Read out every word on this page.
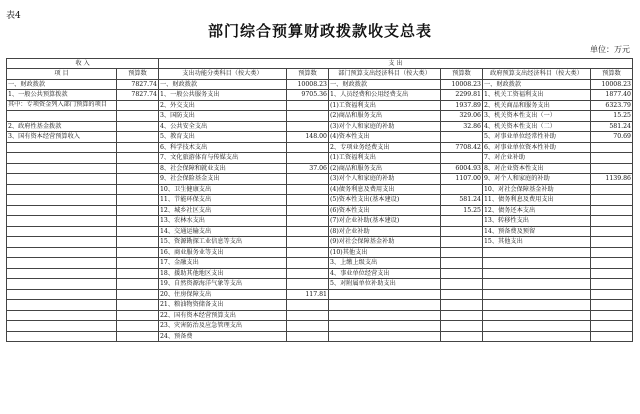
表4
部门综合预算财政拨款收支总表
单位：万元
收 入		支 出					
项 目	预算数	支出功能分类科目（按大类）	预算数	部门预算支出经济科目（按大类）	预算数	政府预算支出经济科目（按大类）	预算数
一、财政拨款	7827.74	一、财政拨款	10008.23	一、财政拨款	10008.23	一、财政拨款	10008.23
1、一般公共预算拨款	7827.74	1、一般公共服务支出	9705.36	1、人员经费和公用经费支出	2299.81	1、机关工资福利支出	1877.40
其中：专项资金列入部门预算的项目		2、外交支出		(1)工资福利支出	1937.89	2、机关商品和服务支出	6323.79
		3、国防支出		(2)商品和服务支出	329.06	3、机关资本性支出（一）	15.25
2、政府性基金拨款		4、公共安全支出		(3)对个人和家庭的补助	32.86	4、机关资本性支出（二）	581.24
3、国有资本经营预算收入		5、教育支出	148.00	(4)资本性支出		5、对事业单位经常性补助	70.69
		6、科学技术支出		2、专项业务经费支出	7708.42	6、对事业单位资本性补助	
		7、文化旅游体育与传媒支出		(1)工资福利支出		7、对企业补助	
		8、社会保障和就业支出	37.06	(2)商品和服务支出	6004.93	8、对企业资本性支出	
		9、社会保险基金支出		(3)对个人和家庭的补助	1107.00	9、对个人和家庭的补助	1139.86
		10、卫生健康支出		(4)债务利息及费用支出		10、对社会保障基金补助	
		11、节能环保支出		(5)资本性支出(基本建设)	581.24	11、债务利息及费用支出	
		12、城乡社区支出		(6)资本性支出	15.25	12、债务还本支出	
		13、农林水支出		(7)对企业补助(基本建设)		13、转移性支出	
		14、交通运输支出		(8)对企业补助		14、预备费及预留	
		15、资源勘探工业信息等支出		(9)对社会保障基金补助		15、其他支出	
		16、商业服务业等支出		(10)其他支出			
		17、金融支出		3、上缴上级支出			
		18、援助其他地区支出		4、事业单位经营支出			
		19、自然资源海洋气象等支出		5、对附属单位补助支出			
		20、住房保障支出	117.81				
		21、粮油物资储备支出					
		22、国有资本经营预算支出					
		23、灾害防治及应急管理支出					
		24、预备费					
